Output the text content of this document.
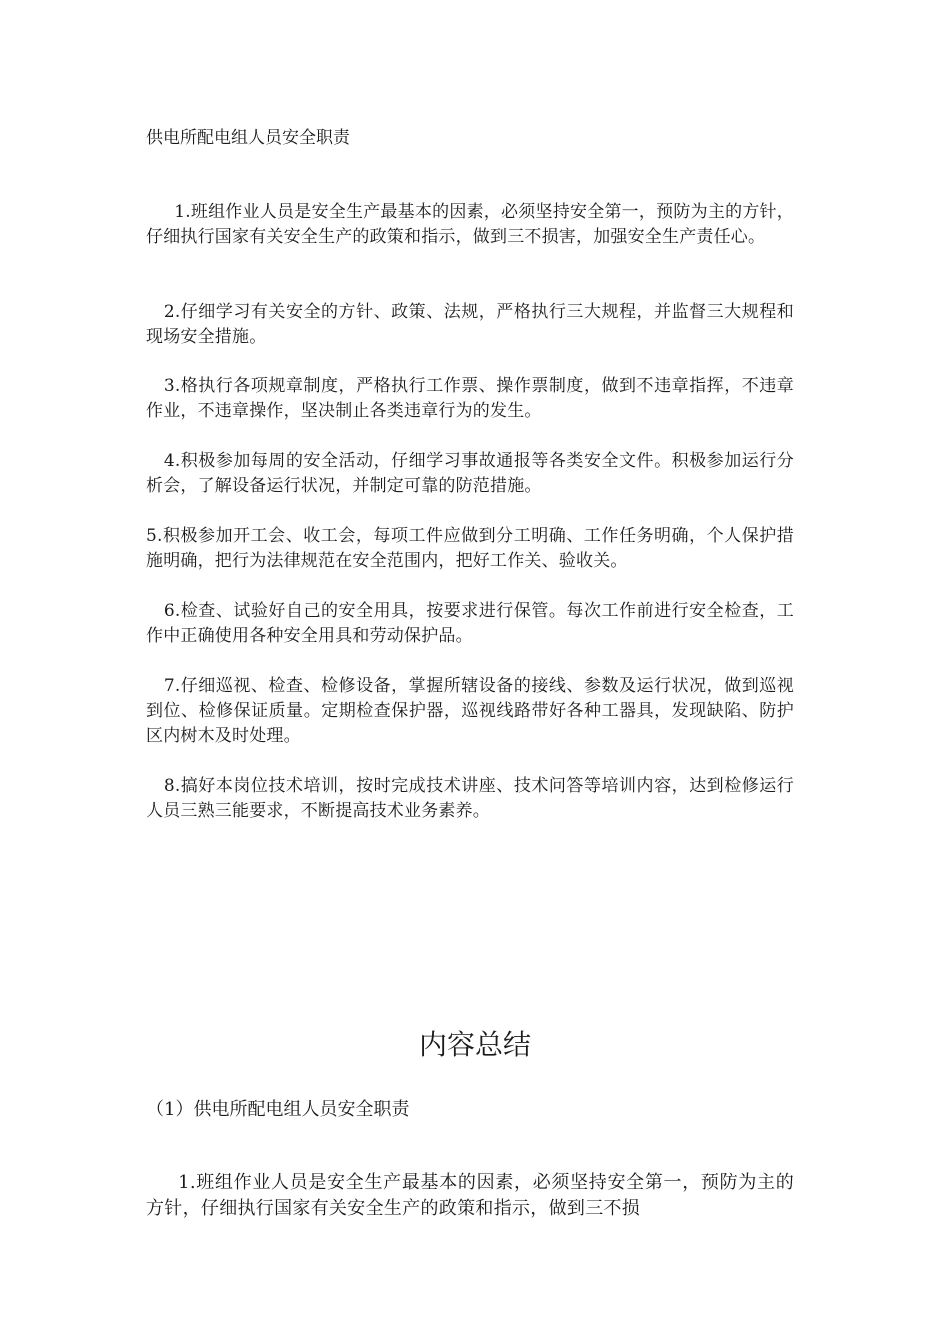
供电所配电组人员安全职责
1.班组作业人员是安全生产最基本的因素，必须坚持安全第一，预防为主的方针，仔细执行国家有关安全生产的政策和指示，做到三不损害，加强安全生产责任心。
2.仔细学习有关安全的方针、政策、法规，严格执行三大规程，并监督三大规程和现场安全措施。
3.格执行各项规章制度，严格执行工作票、操作票制度，做到不违章指挥，不违章作业，不违章操作，坚决制止各类违章行为的发生。
4.积极参加每周的安全活动，仔细学习事故通报等各类安全文件。积极参加运行分析会，了解设备运行状况，并制定可靠的防范措施。
5.积极参加开工会、收工会，每项工件应做到分工明确、工作任务明确，个人保护措施明确，把行为法律规范在安全范围内，把好工作关、验收关。
6.检查、试验好自己的安全用具，按要求进行保管。每次工作前进行安全检查，工作中正确使用各种安全用具和劳动保护品。
7.仔细巡视、检查、检修设备，掌握所辖设备的接线、参数及运行状况，做到巡视到位、检修保证质量。定期检查保护器，巡视线路带好各种工器具，发现缺陷、防护区内树木及时处理。
8.搞好本岗位技术培训，按时完成技术讲座、技术问答等培训内容，达到检修运行人员三熟三能要求，不断提高技术业务素养。
内容总结
（1）供电所配电组人员安全职责
1.班组作业人员是安全生产最基本的因素，必须坚持安全第一，预防为主的方针，仔细执行国家有关安全生产的政策和指示，做到三不损
